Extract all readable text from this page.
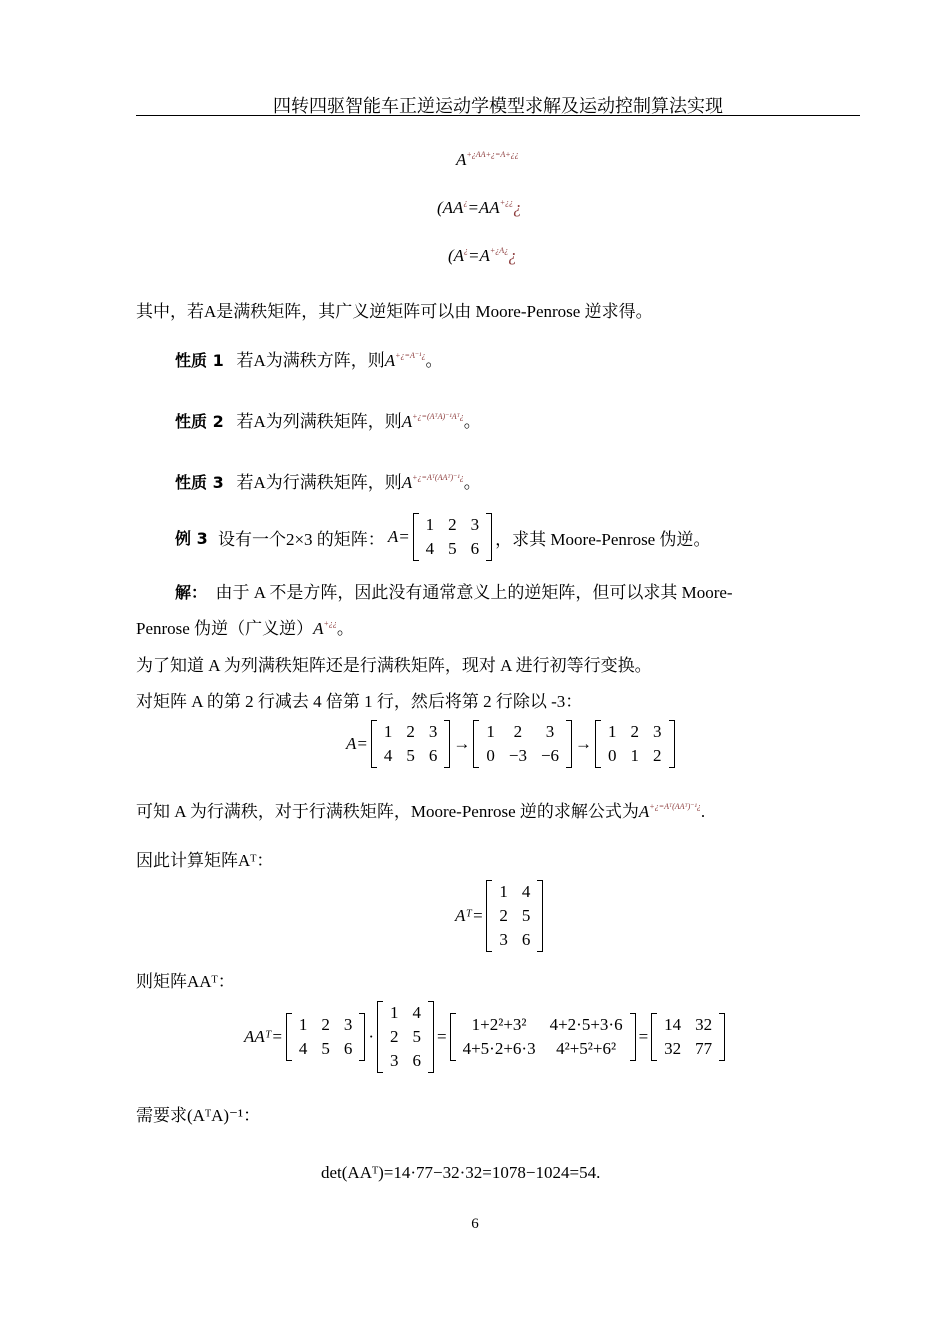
四转四驱智能车正逆运动学模型求解及运动控制算法实现
$A^{+¿AA+¿=A+¿¿}$
(AA¿=AA+¿¿¿
($A^¿=A^{+¿A¿}¿$
其中，若A是满秩矩阵，其广义逆矩阵可以由 Moore-Penrose 逆求得。
性质 1 若A为满秩方阵，则$A^{+¿=A^{-1}¿}$。
性质 2 若A为列满秩矩阵，则$A^{+¿=(AᵀA)^{-1}Aᵀ¿}$。
性质 3 若A为行满秩矩阵，则$A^{+¿=Aᵀ(AAᵀ)^{-1}¿}$。
例 3
设有一个2×3 的矩阵： A=
1	2	3
4	5	6 ，求其 Moore-Penrose 伪逆。
解： 由于 A 不是方阵，因此没有通常意义上的逆矩阵，但可以求其 Moore-
Penrose 伪逆（广义逆）A+¿¿。
为了知道 A 为列满秩矩阵还是行满秩矩阵，现对 A 进行初等行变换。
对矩阵 A 的第 2 行减去 4 倍第 1 行，然后将第 2 行除以 -3：
A=
1	2	3
4	5	6
→
1	2	3
0	−3	−6
→
1	2	3
0	1	2
可知 A 为行满秩，对于行满秩矩阵，Moore-Penrose 逆的求解公式为$A^{+¿=Aᵀ(AAᵀ)^{-1}¿}$.
因此计算矩阵Aᵀ：
Aᵀ=
1	4
2	5
3	6
则矩阵AAᵀ：
AAᵀ=
1	2	3
4	5	6
·
1	4
2	5
3	6
=
1+2²+3²	4+2·5+3·6
4+5·2+6·3	4²+5²+6²
=
14	32
32	77
需要求(AᵀA)⁻¹：
det(AAᵀ)=14·77−32·32=1078−1024=54.
6
